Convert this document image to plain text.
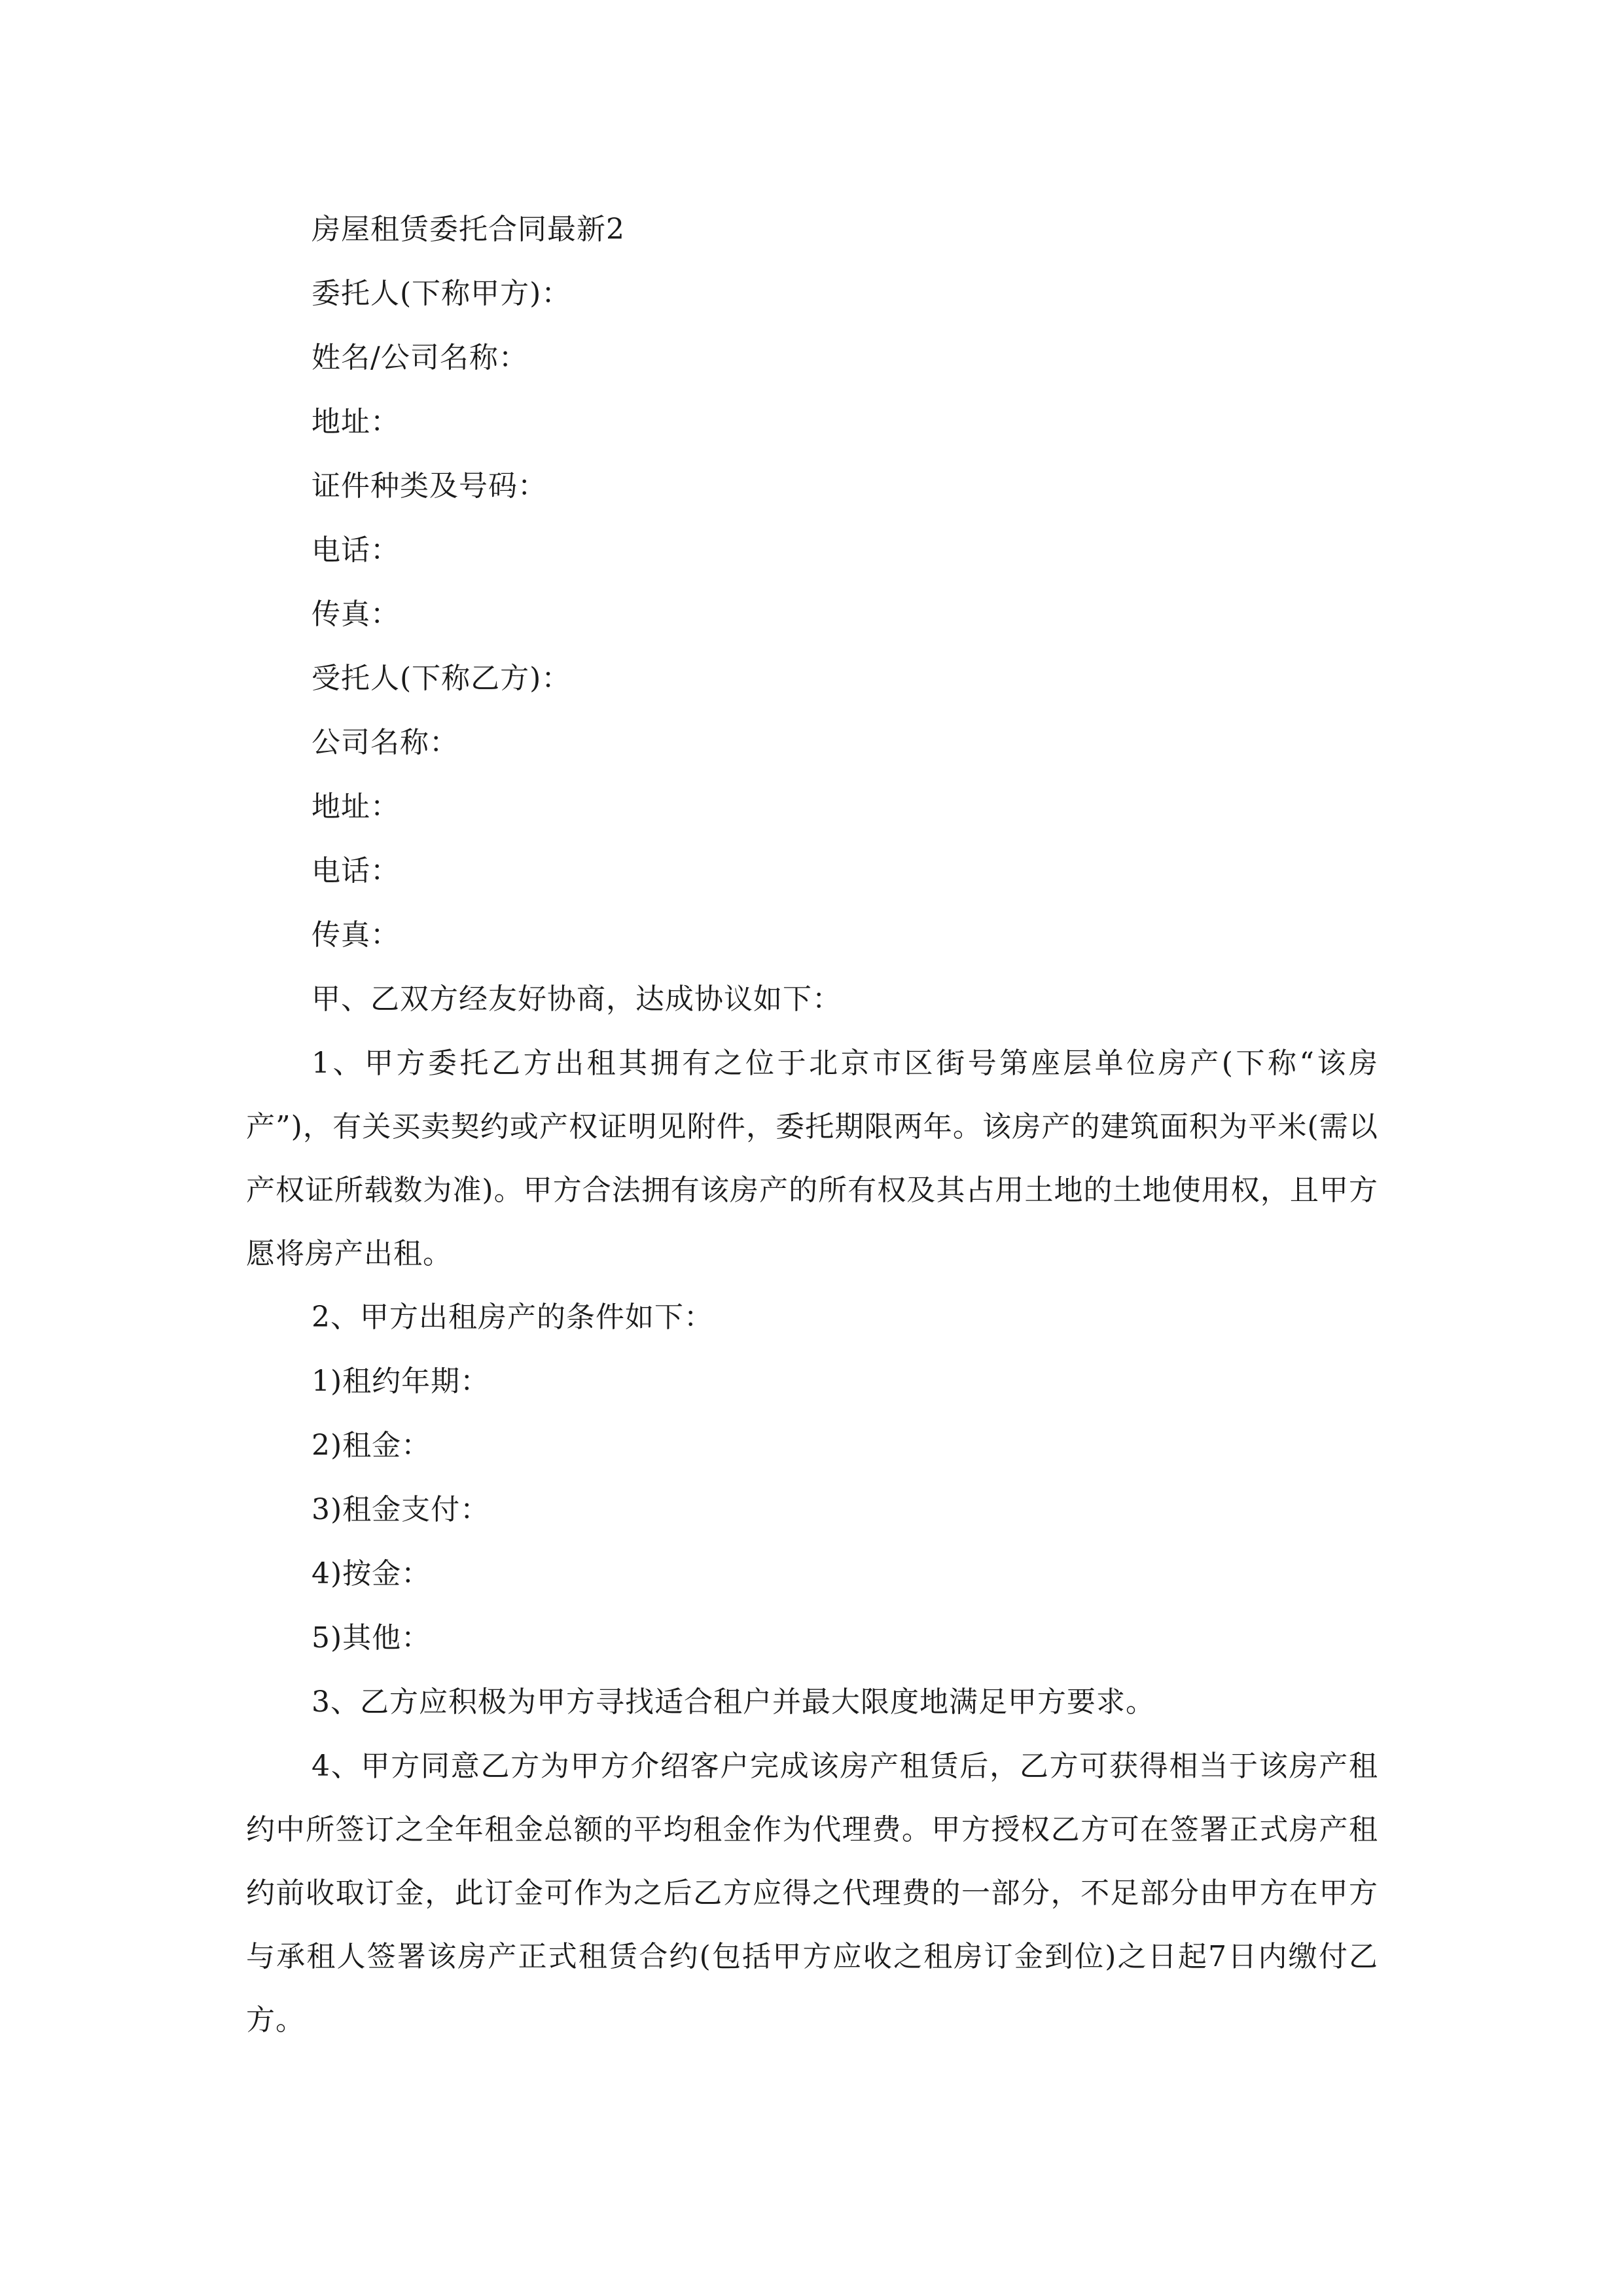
房屋租赁委托合同最新2

委托人(下称甲方)：

姓名/公司名称：

地址：

证件种类及号码：

电话：

传真：

受托人(下称乙方)：

公司名称：

地址：

电话：

传真：

甲、乙双方经友好协商，达成协议如下：

1、甲方委托乙方出租其拥有之位于北京市区街号第座层单位房产(下称“该房产”)，有关买卖契约或产权证明见附件，委托期限两年。该房产的建筑面积为平米(需以产权证所载数为准)。甲方合法拥有该房产的所有权及其占用土地的土地使用权，且甲方愿将房产出租。

2、甲方出租房产的条件如下：

1)租约年期：

2)租金：

3)租金支付：

4)按金：

5)其他：

3、乙方应积极为甲方寻找适合租户并最大限度地满足甲方要求。

4、甲方同意乙方为甲方介绍客户完成该房产租赁后，乙方可获得相当于该房产租约中所签订之全年租金总额的平均租金作为代理费。甲方授权乙方可在签署正式房产租约前收取订金，此订金可作为之后乙方应得之代理费的一部分，不足部分由甲方在甲方与承租人签署该房产正式租赁合约(包括甲方应收之租房订金到位)之日起7日内缴付乙方。
